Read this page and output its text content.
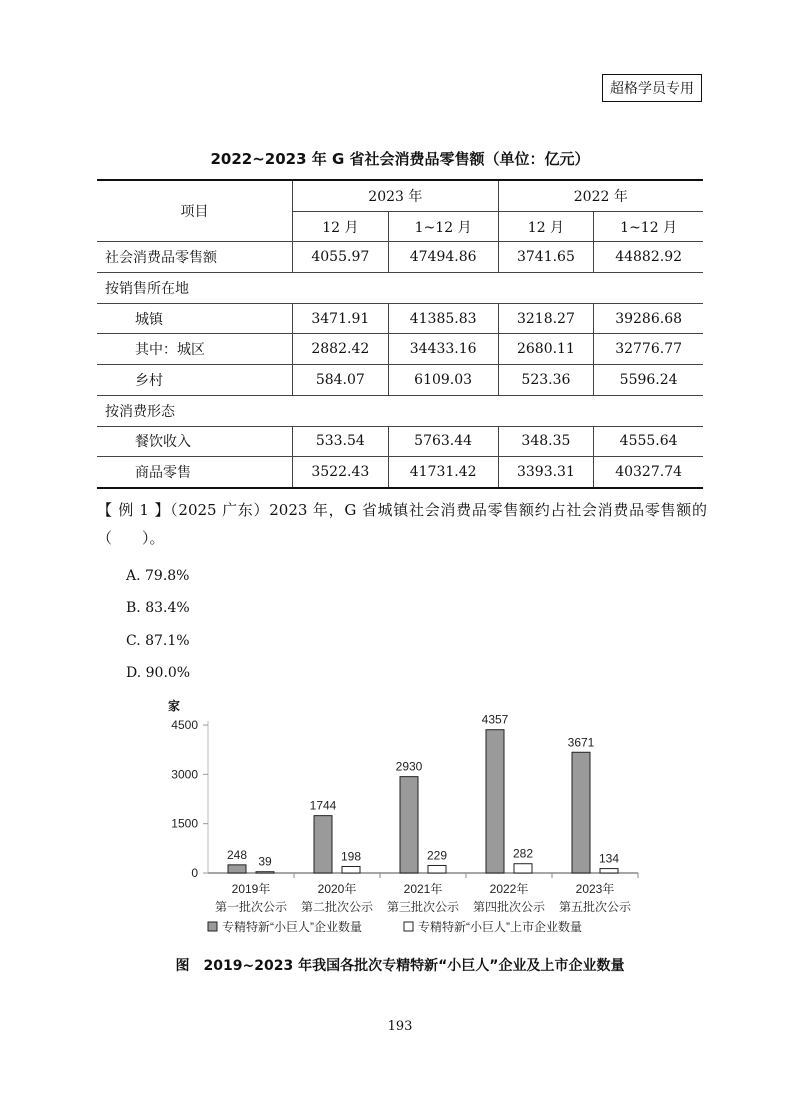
超格学员专用
2022~2023 年 G 省社会消费品零售额（单位：亿元）
项目	2023 年		2022 年	
	12 月	1~12 月	12 月	1~12 月
社会消费品零售额	4055.97	47494.86	3741.65	44882.92
按销售所在地				
城镇	3471.91	41385.83	3218.27	39286.68
其中：城区	2882.42	34433.16	2680.11	32776.77
乡村	584.07	6109.03	523.36	5596.24
按消费形态				
餐饮收入	533.54	5763.44	348.35	4555.64
商品零售	3522.43	41731.42	3393.31	40327.74
【 例 1 】（2025 广东）2023 年，G 省城镇社会消费品零售额约占社会消费品零售额的
（　　）。
A. 79.8%
B. 83.4%
C. 87.1%
D. 90.0%
家
0
1500
3000
4500
248 39
2019年
第一批次公示
1744
198
2020年
第二批次公示
2930
229
2021年
第三批次公示
4357
282
2022年
第四批次公示
3671
134
2023年
第五批次公示
专精特新“小巨人”企业数量	专精特新“小巨人”上市企业数量
图　2019~2023 年我国各批次专精特新“小巨人”企业及上市企业数量
193
